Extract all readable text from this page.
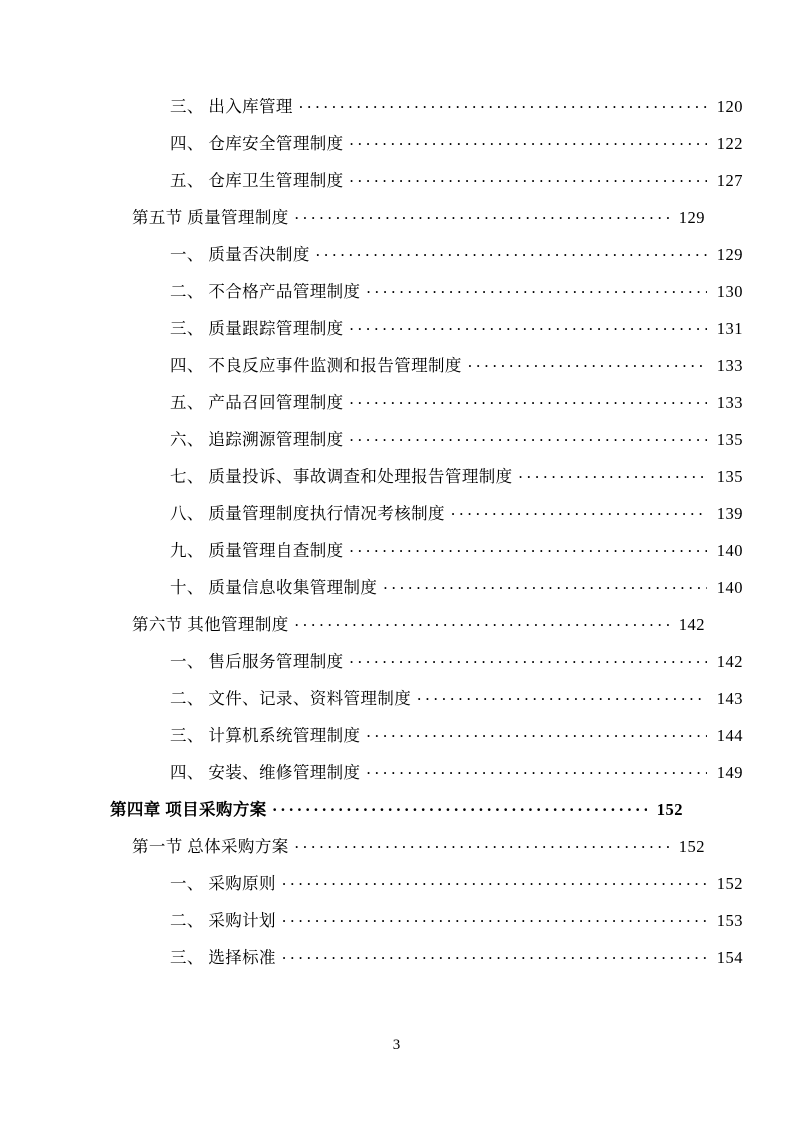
三、 出入库管理 . . .	120
四、 仓库安全管理制度 . . .	122
五、 仓库卫生管理制度 . . .	127
第五节 质量管理制度 . . .	129
一、 质量否决制度 . . .	129
二、 不合格产品管理制度 . . .	130
三、 质量跟踪管理制度 . . .	131
四、 不良反应事件监测和报告管理制度 . . .	133
五、 产品召回管理制度 . . .	133
六、 追踪溯源管理制度 . . .	135
七、 质量投诉、事故调查和处理报告管理制度 . . .	135
八、 质量管理制度执行情况考核制度 . . .	139
九、 质量管理自查制度 . . .	140
十、 质量信息收集管理制度 . . .	140
第六节 其他管理制度 . . .	142
一、 售后服务管理制度 . . .	142
二、 文件、记录、资料管理制度 . . .	143
三、 计算机系统管理制度 . . .	144
四、 安装、维修管理制度 . . .	149
第四章 项目采购方案 . . .	152
第一节 总体采购方案 . . .	152
一、 采购原则 . . .	152
二、 采购计划 . . .	153
三、 选择标准 . . .	154
3
